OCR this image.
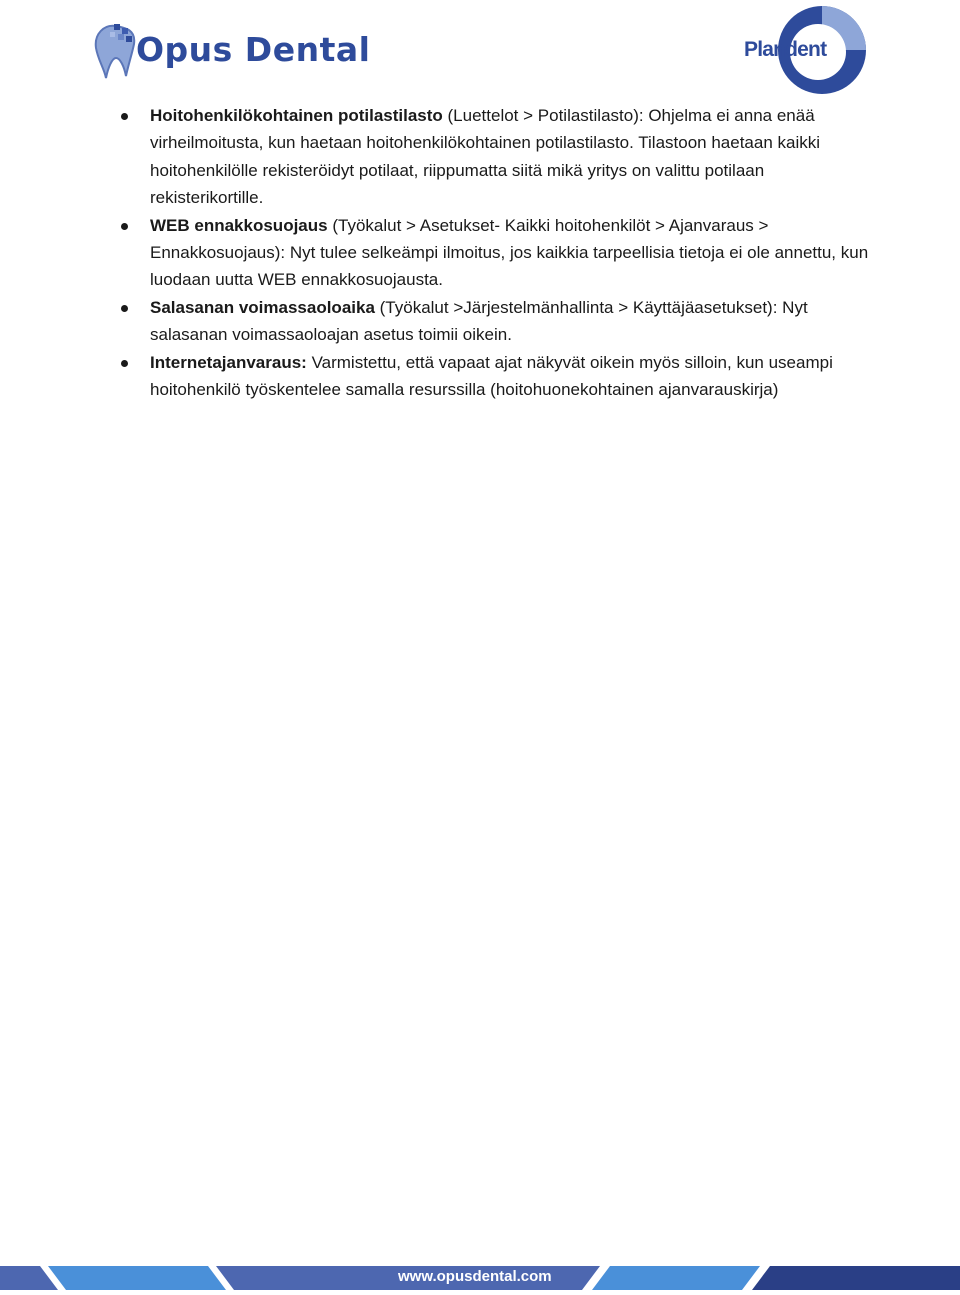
Opus Dental	Plandent
Hoitohenkilökohtainen potilastilasto (Luettelot > Potilastilasto): Ohjelma ei anna enää virheilmoitusta, kun haetaan hoitohenkilökohtainen potilastilasto. Tilastoon haetaan kaikki hoitohenkilölle rekisteröidyt potilaat, riippumatta siitä mikä yritys on valittu potilaan rekisterikortille.
WEB ennakkosuojaus (Työkalut > Asetukset- Kaikki hoitohenkilöt > Ajanvaraus > Ennakkosuojaus): Nyt tulee selkeämpi ilmoitus, jos kaikkia tarpeellisia tietoja ei ole annettu, kun luodaan uutta WEB ennakkosuojausta.
Salasanan voimassaoloaika (Työkalut >Järjestelmänhallinta > Käyttäjäasetukset): Nyt salasanan voimassaoloajan asetus toimii oikein.
Internetajanvaraus: Varmistettu, että vapaat ajat näkyvät oikein myös silloin, kun useampi hoitohenkilö työskentelee samalla resurssilla (hoitohuonekohtainen ajanvarauskirja)
www.opusdental.com
